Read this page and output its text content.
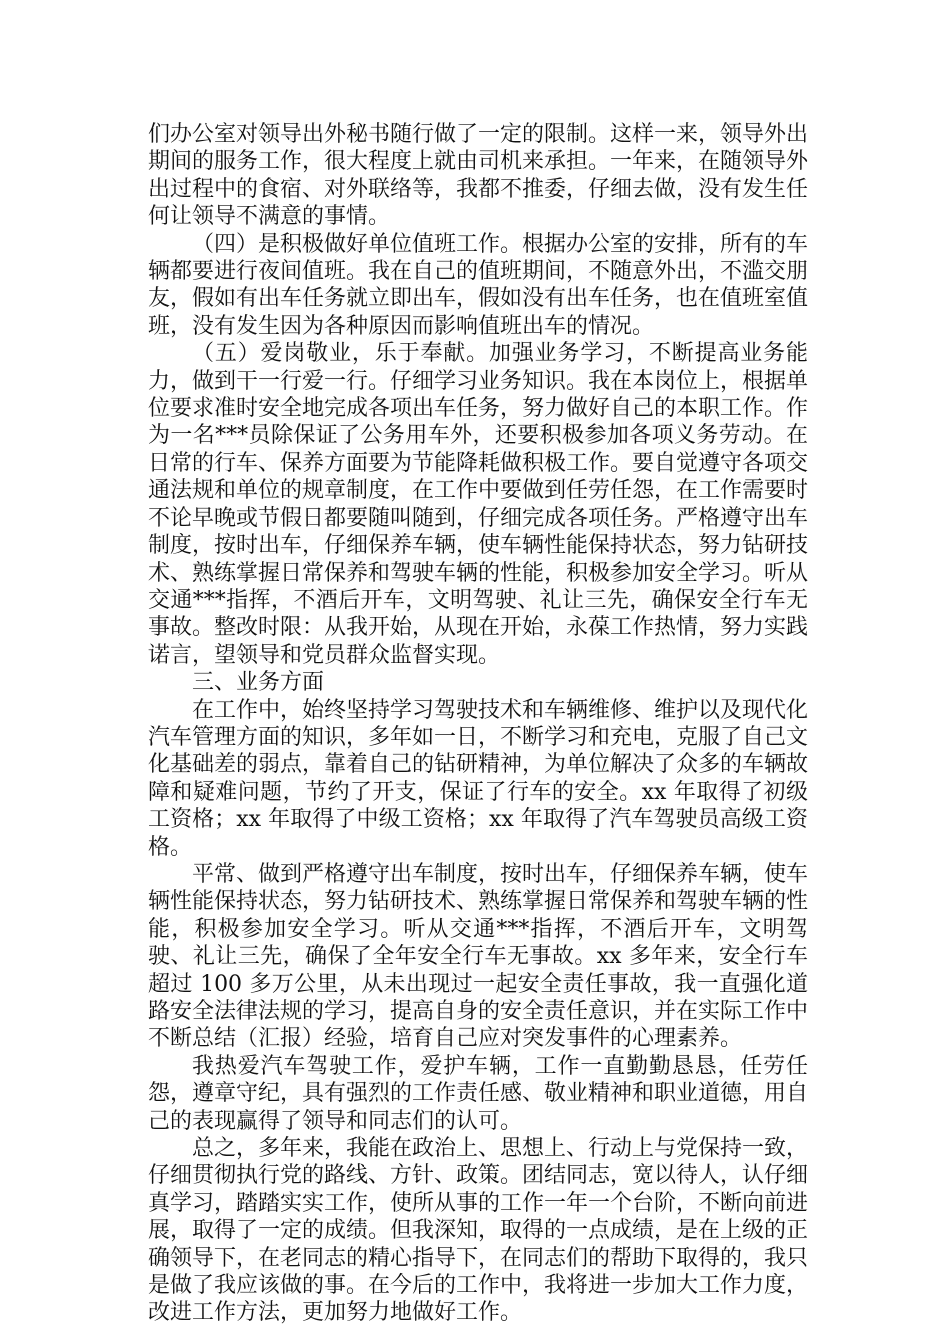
们办公室对领导出外秘书随行做了一定的限制。这样一来，领导外出期间的服务工作，很大程度上就由司机来承担。一年来，在随领导外出过程中的食宿、对外联络等，我都不推委，仔细去做，没有发生任何让领导不满意的事情。

（四）是积极做好单位值班工作。根据办公室的安排，所有的车辆都要进行夜间值班。我在自己的值班期间，不随意外出，不滥交朋友，假如有出车任务就立即出车，假如没有出车任务，也在值班室值班，没有发生因为各种原因而影响值班出车的情况。

（五）爱岗敬业，乐于奉献。加强业务学习，不断提高业务能力，做到干一行爱一行。仔细学习业务知识。我在本岗位上，根据单位要求准时安全地完成各项出车任务，努力做好自己的本职工作。作为一名***员除保证了公务用车外，还要积极参加各项义务劳动。在日常的行车、保养方面要为节能降耗做积极工作。要自觉遵守各项交通法规和单位的规章制度，在工作中要做到任劳任怨，在工作需要时不论早晚或节假日都要随叫随到，仔细完成各项任务。严格遵守出车制度，按时出车，仔细保养车辆，使车辆性能保持状态，努力钻研技术、熟练掌握日常保养和驾驶车辆的性能，积极参加安全学习。听从交通***指挥，不酒后开车，文明驾驶、礼让三先，确保安全行车无事故。整改时限：从我开始，从现在开始，永葆工作热情，努力实践诺言，望领导和党员群众监督实现。

三、业务方面

在工作中，始终坚持学习驾驶技术和车辆维修、维护以及现代化汽车管理方面的知识，多年如一日，不断学习和充电，克服了自己文化基础差的弱点，靠着自己的钻研精神，为单位解决了众多的车辆故障和疑难问题，节约了开支，保证了行车的安全。xx 年取得了初级工资格；xx 年取得了中级工资格；xx 年取得了汽车驾驶员高级工资格。

平常、做到严格遵守出车制度，按时出车，仔细保养车辆，使车辆性能保持状态，努力钻研技术、熟练掌握日常保养和驾驶车辆的性能，积极参加安全学习。听从交通***指挥，不酒后开车，文明驾驶、礼让三先，确保了全年安全行车无事故。xx 多年来，安全行车超过 100 多万公里，从未出现过一起安全责任事故，我一直强化道路安全法律法规的学习，提高自身的安全责任意识，并在实际工作中不断总结（汇报）经验，培育自己应对突发事件的心理素养。

我热爱汽车驾驶工作，爱护车辆，工作一直勤勤恳恳，任劳任怨，遵章守纪，具有强烈的工作责任感、敬业精神和职业道德，用自己的表现赢得了领导和同志们的认可。

总之，多年来，我能在政治上、思想上、行动上与党保持一致，仔细贯彻执行党的路线、方针、政策。团结同志，宽以待人，认仔细真学习，踏踏实实工作，使所从事的工作一年一个台阶，不断向前进展，取得了一定的成绩。但我深知，取得的一点成绩，是在上级的正确领导下，在老同志的精心指导下，在同志们的帮助下取得的，我只是做了我应该做的事。在今后的工作中，我将进一步加大工作力度，改进工作方法，更加努力地做好工作。
